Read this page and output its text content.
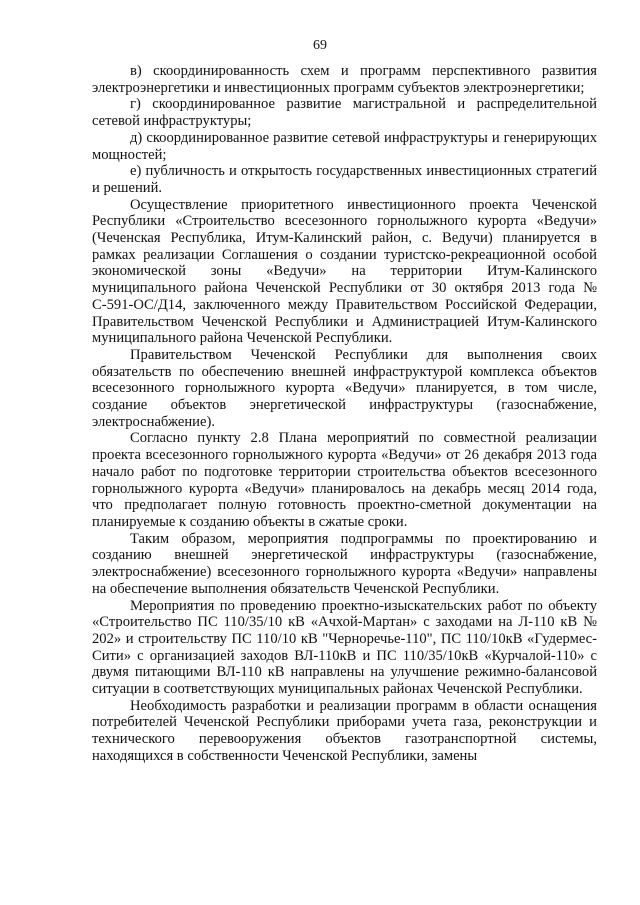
69

в) скоординированность схем и программ перспективного развития электроэнергетики и инвестиционных программ субъектов электроэнергетики;

г) скоординированное развитие магистральной и распределительной сетевой инфраструктуры;

д) скоординированное развитие сетевой инфраструктуры и генерирующих мощностей;

е) публичность и открытость государственных инвестиционных стратегий и решений.

Осуществление приоритетного инвестиционного проекта Чеченской Республики «Строительство всесезонного горнолыжного курорта «Ведучи» (Чеченская Республика, Итум-Калинский район, с. Ведучи) планируется в рамках реализации Соглашения о создании туристско-рекреационной особой экономической зоны «Ведучи» на территории Итум-Калинского муниципального района Чеченской Республики от 30 октября 2013 года № С-591-ОС/Д14, заключенного между Правительством Российской Федерации, Правительством Чеченской Республики и Администрацией Итум-Калинского муниципального района Чеченской Республики.

Правительством Чеченской Республики для выполнения своих обязательств по обеспечению внешней инфраструктурой комплекса объектов всесезонного горнолыжного курорта «Ведучи» планируется, в том числе, создание объектов энергетической инфраструктуры (газоснабжение, электроснабжение).

Согласно пункту 2.8 Плана мероприятий по совместной реализации проекта всесезонного горнолыжного курорта «Ведучи» от 26 декабря 2013 года начало работ по подготовке территории строительства объектов всесезонного горнолыжного курорта «Ведучи» планировалось на декабрь месяц 2014 года, что предполагает полную готовность проектно-сметной документации на планируемые к созданию объекты в сжатые сроки.

Таким образом, мероприятия подпрограммы по проектированию и созданию внешней энергетической инфраструктуры (газоснабжение, электроснабжение) всесезонного горнолыжного курорта «Ведучи» направлены на обеспечение выполнения обязательств Чеченской Республики.

Мероприятия по проведению проектно-изыскательских работ по объекту «Строительство ПС 110/35/10 кВ «Ачхой-Мартан» с заходами на Л-110 кВ № 202» и строительству ПС 110/10 кВ "Черноречье-110", ПС 110/10кВ «Гудермес-Сити» с организацией заходов ВЛ-110кВ и ПС 110/35/10кВ «Курчалой-110» с двумя питающими ВЛ-110 кВ направлены на улучшение режимно-балансовой ситуации в соответствующих муниципальных районах Чеченской Республики.

Необходимость разработки и реализации программ в области оснащения потребителей Чеченской Республики приборами учета газа, реконструкции и технического перевооружения объектов газотранспортной системы, находящихся в собственности Чеченской Республики, замены
